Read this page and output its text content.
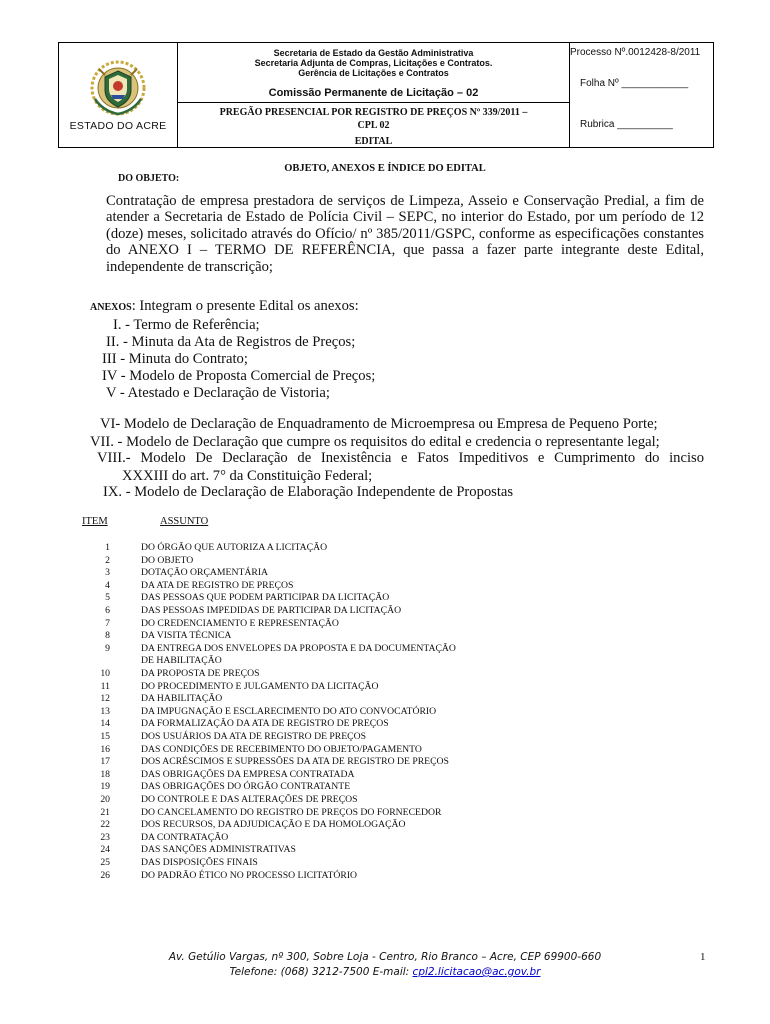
ESTADO DO ACRE
Secretaria de Estado da Gestão Administrativa
Secretaria Adjunta de Compras, Licitações e Contratos.
Gerência de Licitações e Contratos
Comissão Permanente de Licitação – 02
PREGÃO PRESENCIAL POR REGISTRO DE PREÇOS Nº 339/2011 –
CPL 02
EDITAL
Processo Nº.0012428-8/2011
Folha Nº ____________
Rubrica __________
OBJETO, ANEXOS E ÍNDICE DO EDITAL
DO OBJETO:
Contratação de empresa prestadora de serviços de Limpeza, Asseio e Conservação Predial, a fim de atender a Secretaria de Estado de Polícia Civil – SEPC, no interior do Estado, por um período de 12 (doze) meses, solicitado através do Ofício/ nº 385/2011/GSPC, conforme as especificações constantes do ANEXO I – TERMO DE REFERÊNCIA, que passa a fazer parte integrante deste Edital, independente de transcrição;
ANEXOS: Integram o presente Edital os anexos:
I. - Termo de Referência;
II. - Minuta da Ata de Registros de Preços;
III - Minuta do Contrato;
IV - Modelo de Proposta Comercial de Preços;
V - Atestado e Declaração de Vistoria;
VI- Modelo de Declaração de Enquadramento de Microempresa ou Empresa de Pequeno Porte;
VII. - Modelo de Declaração que cumpre os requisitos do edital e credencia o representante legal;
VIII.- Modelo De Declaração de Inexistência e Fatos Impeditivos e Cumprimento do inciso
XXXIII do art. 7° da Constituição Federal;
IX. - Modelo de Declaração de Elaboração Independente de Propostas
ITEM	ASSUNTO
1	DO ÓRGÃO QUE AUTORIZA A LICITAÇÃO
2	DO OBJETO
3	DOTAÇÃO ORÇAMENTÁRIA
4	DA ATA DE REGISTRO DE PREÇOS
5	DAS PESSOAS QUE PODEM PARTICIPAR DA LICITAÇÃO
6	DAS PESSOAS IMPEDIDAS DE PARTICIPAR DA LICITAÇÃO
7	DO CREDENCIAMENTO E REPRESENTAÇÃO
8	DA VISITA TÉCNICA
9	DA ENTREGA DOS ENVELOPES DA PROPOSTA E DA DOCUMENTAÇÃO
DE HABILITAÇÃO
10	DA PROPOSTA DE PREÇOS
11	DO PROCEDIMENTO E JULGAMENTO DA LICITAÇÃO
12	DA HABILITAÇÃO
13	DA IMPUGNAÇÃO E ESCLARECIMENTO DO ATO CONVOCATÓRIO
14	DA FORMALIZAÇÃO DA ATA DE REGISTRO DE PREÇOS
15	DOS USUÁRIOS DA ATA DE REGISTRO DE PREÇOS
16	DAS CONDIÇÕES DE RECEBIMENTO DO OBJETO/PAGAMENTO
17	DOS ACRÉSCIMOS E SUPRESSÕES DA ATA DE REGISTRO DE PREÇOS
18	DAS OBRIGAÇÕES DA EMPRESA CONTRATADA
19	DAS OBRIGAÇÕES DO ÓRGÃO CONTRATANTE
20	DO CONTROLE E DAS ALTERAÇÕES DE PREÇOS
21	DO CANCELAMENTO DO REGISTRO DE PREÇOS DO FORNECEDOR
22	DOS RECURSOS, DA ADJUDICAÇÃO E DA HOMOLOGAÇÃO
23	DA CONTRATAÇÃO
24	DAS SANÇÕES ADMINISTRATIVAS
25	DAS DISPOSIÇÕES FINAIS
26	DO PADRÃO ÉTICO NO PROCESSO LICITATÓRIO
Av. Getúlio Vargas, nº 300, Sobre Loja - Centro, Rio Branco – Acre, CEP 69900-660
Telefone: (068) 3212-7500 E-mail: cpl2.licitacao@ac.gov.br
1
